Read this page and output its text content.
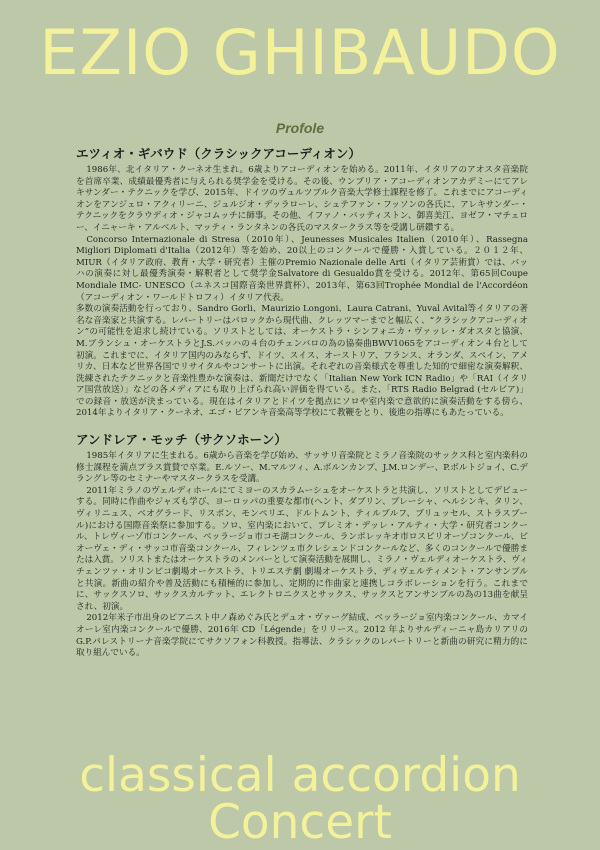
EZIO GHIBAUDO
Profole
エツィオ・ギバウド（クラシックアコーディオン）

1986年、北イタリア・クーネオ生まれ。6歳よりアコーディオンを始める。2011年、イタリアのアオスタ音楽院を首席卒業、成績最優秀者に与えられる奨学金を受ける。その後、ウンブリア・アコーディオンアカデミーにてアレキサンダー・テクニックを学び、2015年、ドイツのヴュルツブルク音楽大学修士課程を修了。これまでにアコーディオンをアンジェロ・アクィリーニ、ジュルジオ・デッラローレ、シュテファン・フッソンの各氏に、アレキサンダー・テクニックをクラウディオ・ジャコムッチに師事。その他、イファノ・バッティストン、御喜美江、ヨゼフ・マチェロー、イニャーキ・アルベルト、マッティ・ランタネンの各氏のマスタークラス等を受講し研鑽する。

Concorso Internazionale di Stresa（2010年）、Jeunesses Musicales Italien（2010年）、Rassegna Migliori Diplomati d'Italia（2012年）等を始め、20以上のコンクールで優勝・入賞している。２０１２年、MIUR（イタリア政府、教育・大学・研究者）主催のPremio Nazionale delle Arti（イタリア芸術賞）では、バッハの演奏に対し最優秀演奏・解釈者として奨学金Salvatore di Gesualdo賞を受ける。2012年、第65回Coupe Mondiale IMC- UNESCO（ユネスコ国際音楽世界賞杯）、2013年、第63回Trophée Mondial de l'Accordéon（アコーディオン・ワールドトロフィ）イタリア代表。

多数の演奏活動を行っており、Sandro Gorli、Maurizio Longoni、Laura Catrani、Yuval Avital等イタリアの著名な音楽家と共演する。レパートリーはバロックから現代曲、クレッツマーまでと幅広く、“クラシックアコーディオン”の可能性を追求し続けている。ソリストとしては、オーケストラ・シンフォニカ・ヴァッレ・ダオスタと協演、M.ブランシュ・オーケストラとJ.S.バッハの４台のチェンバロの為の協奏曲BWV1065をアコーディオン４台として初演。これまでに、イタリア国内のみならず、ドイツ、スイス、オーストリア、フランス、オランダ、スペイン、アメリカ、日本など世界各国でリサイタルやコンサートに出演。それぞれの音楽様式を尊重した知的で細密な演奏解釈、洗練されたテクニックと音楽性豊かな演奏は、新聞だけでなく「Italian New York ICN Radio」や「RAI（イタリア国営放送）」などの各メディアにも取り上げられ高い評価を得ている。また、「RTS Radio Belgrad (セルビア)」での録音・放送が決まっている。現在はイタリアとドイツを拠点にソロや室内楽で意欲的に演奏活動をする傍ら、2014年よりイタリア・クーネオ、エゴ・ビアンキ音楽高等学校にて教鞭をとり、後進の指導にもあたっている。

アンドレア・モッチ（サクソホーン）

1985年イタリアに生まれる。6歳から音楽を学び始め、サッサリ音楽院とミラノ音楽院のサックス科と室内楽科の修士課程を満点プラス賞賛で卒業。E.ルソー、M.マルツィ、A.ボルンカンプ、J.M.ロンデー、P.ボルトジョイ、C.デラングレ等のセミナーやマスタークラスを受講。

2011年ミラノのヴェルディホールにてミヨーのスカラムーシュをオーケストラと共演し、ソリストとしてデビューする。同時に作曲やジャズも学び、ヨーロッパの重要な都市(ヘント、ダブリン、ブレーシャ、ヘルシンキ、タリン、ヴィリニュス、ベオグラード、リスボン、モンペリエ、ドルトムント、ティルブルフ、ブリュッセル、ストラスブール)における国際音楽祭に参加する。ソロ、室内楽において、プレミオ・デッレ・アルティ・大学・研究者コンクール、トレヴィーゾ市コンクール、ベッラージョ市コモ湖コンクール、ランポレッキオ市ロスピリオーゾコンクール、ピオーヴェ・ディ・サッコ市音楽コンクール、フィレンツェ市クレシェンドコンクールなど、多くのコンクールで優勝または入賞。ソリストまたはオーケストラのメンバーとして演奏活動を展開し、ミラノ・ヴェルディオーケストラ、ヴィチェンツァ・オリンピコ劇場オーケストラ、トリエステ劇 劇場オーケストラ、ディヴェルティメント・アンサンブルと共演。新曲の紹介や普及活動にも積極的に参加し、定期的に作曲家と連携しコラボレーションを行う。これまでに、サックスソロ、サックスカルテット、エレクトロニクスとサックス、サックスとアンサンブルの為の13曲を献呈され、初演。

2012年米子市出身のピアニスト中ノ森めぐみ氏とデュオ・ヴァーグ結成、ベッラージョ室内楽コンクール、カマイオーレ室内楽コンクールで優勝、2016年 CD「Légende」をリリース。2012 年よりサルディーニャ島カリアリのG.P.パレストリーナ音楽学院にてサクソフォン科教授。指導法、クラシックのレパートリーと新曲の研究に精力的に取り組んでいる。

classical accordion Concert
